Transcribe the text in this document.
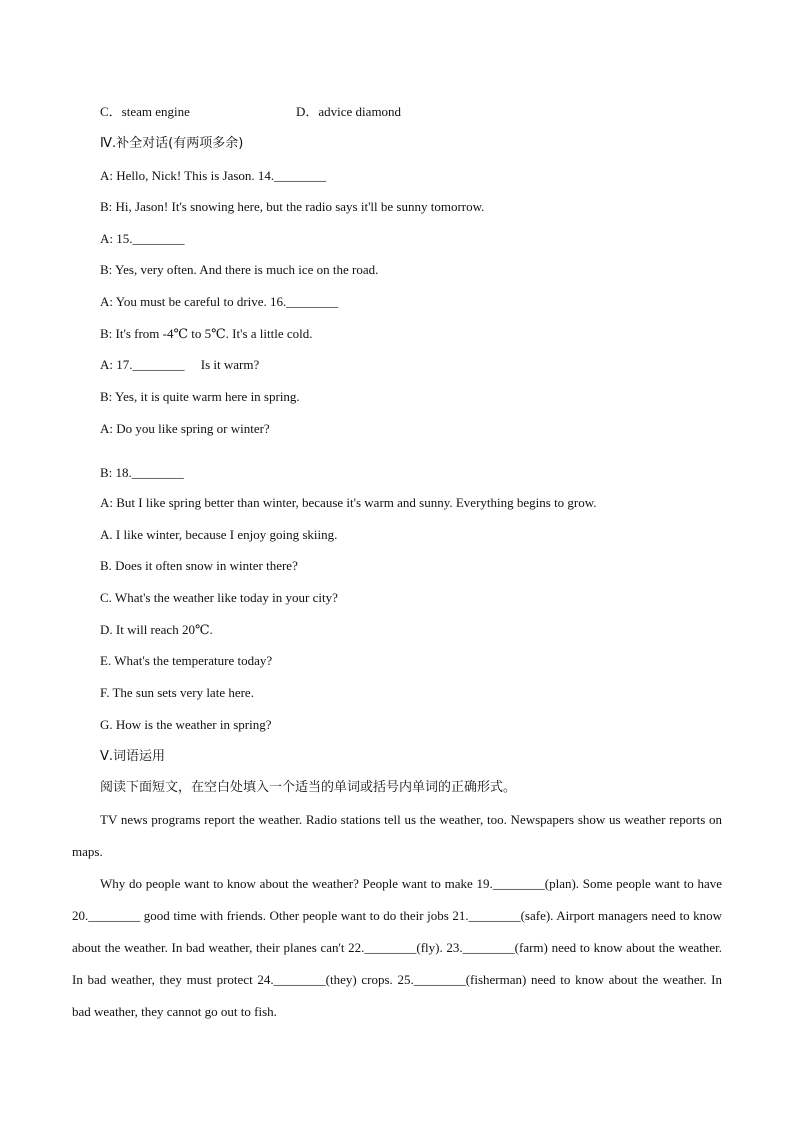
C．steam engine	D．advice diamond
Ⅳ.补全对话(有两项多余)
A: Hello, Nick! This is Jason. 14.________
B: Hi, Jason! It's snowing here, but the radio says it'll be sunny tomorrow.
A: 15.________
B: Yes, very often. And there is much ice on the road.
A: You must be careful to drive. 16.________
B: It's from -4℃ to 5℃. It's a little cold.
A: 17.________　 Is it warm?
B: Yes, it is quite warm here in spring.
A: Do you like spring or winter?
B: 18.________
A: But I like spring better than winter, because it's warm and sunny. Everything begins to grow.
A. I like winter, because I enjoy going skiing.
B. Does it often snow in winter there?
C. What's the weather like today in your city?
D. It will reach 20℃.
E. What's the temperature today?
F. The sun sets very late here.
G. How is the weather in spring?
Ⅴ.词语运用
阅读下面短文，在空白处填入一个适当的单词或括号内单词的正确形式。
TV news programs report the weather. Radio stations tell us the weather, too. Newspapers show us weather reports on maps.
Why do people want to know about the weather? People want to make 19.________(plan). Some people want to have 20.________ good time with friends. Other people want to do their jobs 21.________(safe). Airport managers need to know about the weather. In bad weather, their planes can't 22.________(fly). 23.________(farm) need to know about the weather. In bad weather, they must protect 24.________(they) crops. 25.________(fisherman) need to know about the weather. In bad weather, they cannot go out to fish.
